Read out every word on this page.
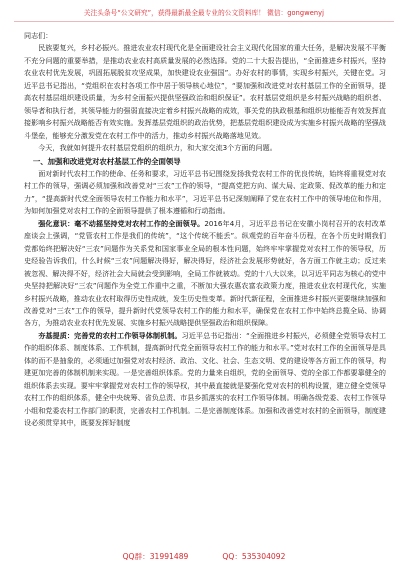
关注头条号“公文研究”，获得最新最全最专业的公文资料库！ 微信：gongwenyj

同志们：

民族要复兴，乡村必振兴。推进农业农村现代化是全面建设社会主义现代化国家的重大任务，是解决发展不平衡不充分问题的重要举措，是推动农业农村高质量发展的必然选择。党的二十大报告提出，“全面推进乡村振兴，坚持农业农村优先发展，巩固拓展脱贫攻坚成果，加快建设农业强国”。办好农村的事情，实现乡村振兴，关键在党。习近平总书记指出，“党组织在农村各项工作中居于领导核心地位”，“要加强和改进党对农村基层工作的全面领导，提高农村基层组织建设质量，为乡村全面振兴提供坚强政治和组织保证”。农村基层党组织是乡村振兴战略的组织者、领导者和执行者，其领导能力的强弱直接决定着乡村振兴战略的成效，事关党的执政根基和组织功能能否有效发挥直接影响乡村振兴战略能否有效实施。发挥基层党组织的政治优势，把基层党组织建设成为实施乡村振兴战略的坚强战斗堡垒，能够充分激发党在农村工作中的活力，推动乡村振兴战略落地见效。

今天，我就如何提升农村基层党组织的组织力，和大家交流3个方面的问题。

一、加强和改进党对农村基层工作的全面领导

面对新时代农村工作的使命、任务和要求，习近平总书记围绕发扬我党农村工作的优良传统，始终将重视党对农村工作的领导，强调必须加强和改善党对“三农”工作的领导，“提高党把方向、谋大局、定政策、促改革的能力和定力”，“提高新时代党全面领导农村工作能力和水平”，习近平总书记深刻阐释了党在农村工作中的领导地位和作用，为如何加强党对农村工作的全面领导提供了根本遵循和行动指南。

强化意识：毫不动摇坚持党对农村工作的全面领导。2016年4月，习近平总书记在安徽小岗村召开的农村改革座谈会上强调，“党管农村工作是我们的传统”，“这个传统不能丢”。纵观党的百年奋斗历程，在各个历史时期我们党都始终把解决好“三农”问题作为关系党和国家事业全局的根本性问题，始终牢牢掌握党对农村工作的领导权，历史经验告诉我们，什么时候“三农”问题解决得好，解决得好，经济社会发展形势就好，各方面工作就主动；反过来被忽视、解决得不好，经济社会大局就会受到影响，全局工作就被动。党的十八大以来，以习近平同志为核心的党中央坚持把解决好“三农”问题作为全党工作重中之重，不断加大强农惠农富农政策力度，推进农业农村现代化，实施乡村振兴战略，推动农业农村取得历史性成就，发生历史性变革。新时代新征程，全面推进乡村振兴更要继续加强和改善党对“三农”工作的领导，提升新时代党领导农村工作的能力和水平，确保党在农村工作中始终总揽全局、协调各方，为推动农业农村优先发展、实施乡村振兴战略提供坚强政治和组织保障。

夯基提质：完善党的农村工作领导体制机制。习近平总书记指出：“全面推进乡村振兴，必须健全党领导农村工作的组织体系、制度体系、工作机制，提高新时代党全面领导农村工作的能力和水平。”党对农村工作的全面领导是具体的而不是抽象的，必须通过加强党对农村经济、政治、文化、社会、生态文明、党的建设等各方面工作的领导，构建更加完善的体制机制来实现。一是完善组织体系。党的力量来自组织，党的全面领导、党的全部工作都要靠健全的组织体系去实现。要牢牢掌握党对农村工作的领导权，其中最直接就是要强化党对农村的机构设置，建立健全党领导农村工作的组织体系，健全中央统筹、省负总责、市县乡抓落实的农村工作领导体制。明确各级党委、农村工作领导小组和党委农村工作部门的职责，完善农村工作机制。二是完善制度体系。加强和改善党对农村的全面领导，制度建设必须贯穿其中，既要发挥好制度

QQ群：31991489	QQ：535304092
